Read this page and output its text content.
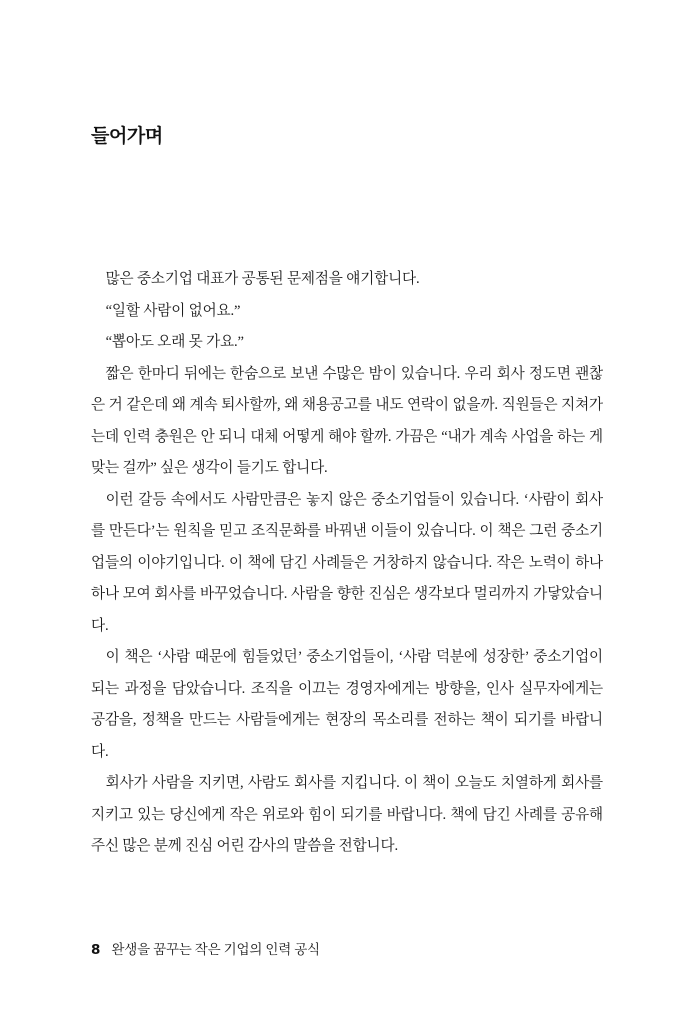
들어가며

많은 중소기업 대표가 공통된 문제점을 얘기합니다.

“일할 사람이 없어요.”

“뽑아도 오래 못 가요.”

짧은 한마디 뒤에는 한숨으로 보낸 수많은 밤이 있습니다. 우리 회사 정도면 괜찮은 거 같은데 왜 계속 퇴사할까, 왜 채용공고를 내도 연락이 없을까. 직원들은 지쳐가는데 인력 충원은 안 되니 대체 어떻게 해야 할까. 가끔은 “내가 계속 사업을 하는 게 맞는 걸까” 싶은 생각이 들기도 합니다.

이런 갈등 속에서도 사람만큼은 놓지 않은 중소기업들이 있습니다. ‘사람이 회사를 만든다’는 원칙을 믿고 조직문화를 바꿔낸 이들이 있습니다. 이 책은 그런 중소기업들의 이야기입니다. 이 책에 담긴 사례들은 거창하지 않습니다. 작은 노력이 하나하나 모여 회사를 바꾸었습니다. 사람을 향한 진심은 생각보다 멀리까지 가닿았습니다.

이 책은 ‘사람 때문에 힘들었던’ 중소기업들이, ‘사람 덕분에 성장한’ 중소기업이 되는 과정을 담았습니다. 조직을 이끄는 경영자에게는 방향을, 인사 실무자에게는 공감을, 정책을 만드는 사람들에게는 현장의 목소리를 전하는 책이 되기를 바랍니다.

회사가 사람을 지키면, 사람도 회사를 지킵니다. 이 책이 오늘도 치열하게 회사를 지키고 있는 당신에게 작은 위로와 힘이 되기를 바랍니다. 책에 담긴 사례를 공유해 주신 많은 분께 진심 어린 감사의 말씀을 전합니다.

8 완생을 꿈꾸는 작은 기업의 인력 공식
